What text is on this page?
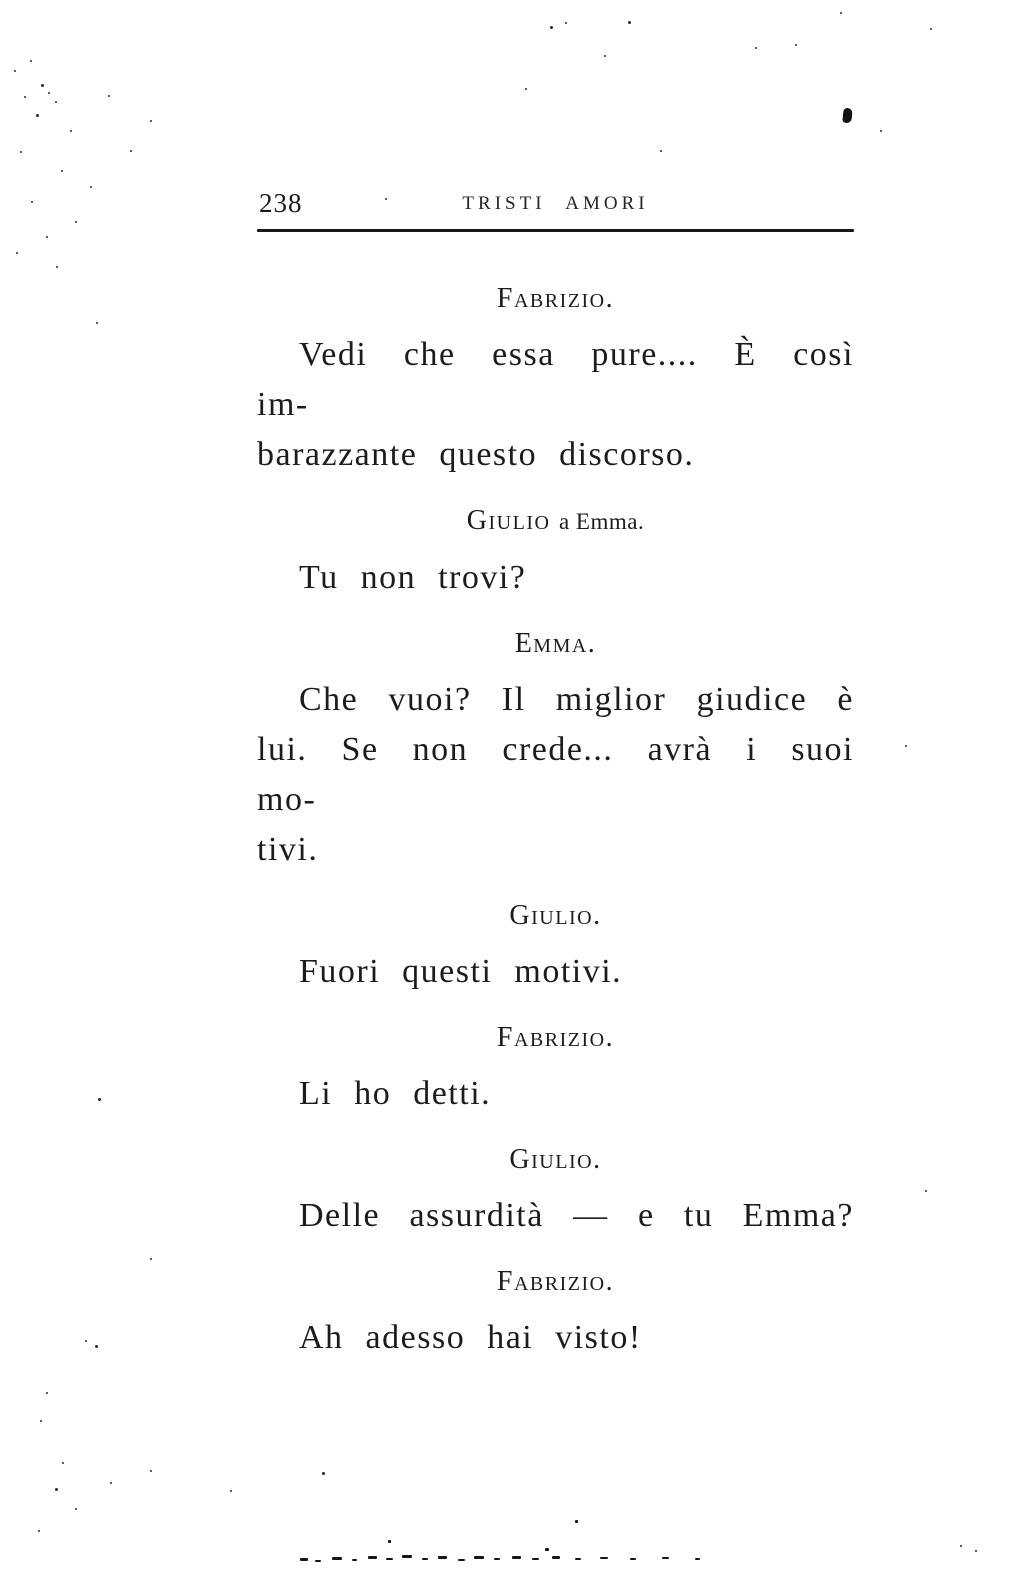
238	TRISTI AMORI
Fabrizio.

Vedi che essa pure.... È così im-
barazzante questo discorso.

Giulio a Emma.

Tu non trovi?

Emma.

Che vuoi? Il miglior giudice è
lui. Se non crede... avrà i suoi mo-
tivi.

Giulio.

Fuori questi motivi.

Fabrizio.

Li ho detti.

Giulio.

Delle assurdità — e tu Emma?

Fabrizio.

Ah adesso hai visto!
